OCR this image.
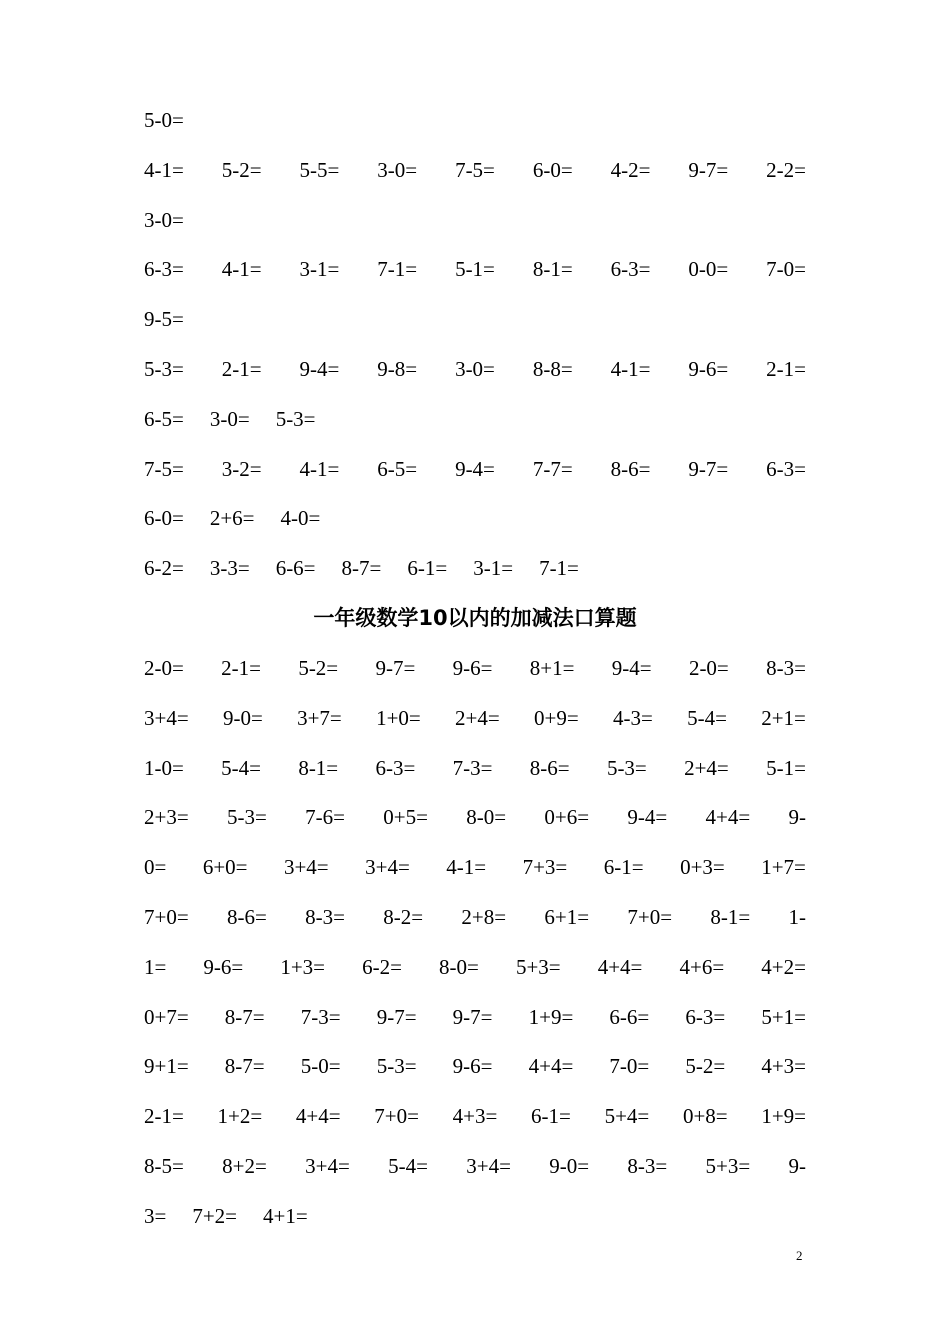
5-0=
4-1= 5-2= 5-5= 3-0= 7-5= 6-0= 4-2= 9-7= 2-2=
3-0=
6-3= 4-1= 3-1= 7-1= 5-1= 8-1= 6-3= 0-0= 7-0=
9-5=
5-3= 2-1= 9-4= 9-8= 3-0= 8-8= 4-1= 9-6= 2-1=
6-5= 3-0= 5-3=
7-5= 3-2= 4-1= 6-5= 9-4= 7-7= 8-6= 9-7= 6-3=
6-0= 2+6= 4-0=
6-2= 3-3= 6-6= 8-7= 6-1= 3-1= 7-1=
一年级数学10以内的加减法口算题
2-0= 2-1= 5-2= 9-7= 9-6= 8+1= 9-4= 2-0= 8-3=
3+4= 9-0= 3+7= 1+0= 2+4= 0+9= 4-3= 5-4= 2+1=
1-0= 5-4= 8-1= 6-3= 7-3= 8-6= 5-3= 2+4= 5-1=
2+3= 5-3= 7-6= 0+5= 8-0= 0+6= 9-4= 4+4= 9-
0= 6+0= 3+4= 3+4= 4-1= 7+3= 6-1= 0+3= 1+7=
7+0= 8-6= 8-3= 8-2= 2+8= 6+1= 7+0= 8-1= 1-
1= 9-6= 1+3= 6-2= 8-0= 5+3= 4+4= 4+6= 4+2=
0+7= 8-7= 7-3= 9-7= 9-7= 1+9= 6-6= 6-3= 5+1=
9+1= 8-7= 5-0= 5-3= 9-6= 4+4= 7-0= 5-2= 4+3=
2-1= 1+2= 4+4= 7+0= 4+3= 6-1= 5+4= 0+8= 1+9=
8-5= 8+2= 3+4= 5-4= 3+4= 9-0= 8-3= 5+3= 9-
3= 7+2= 4+1=
2
